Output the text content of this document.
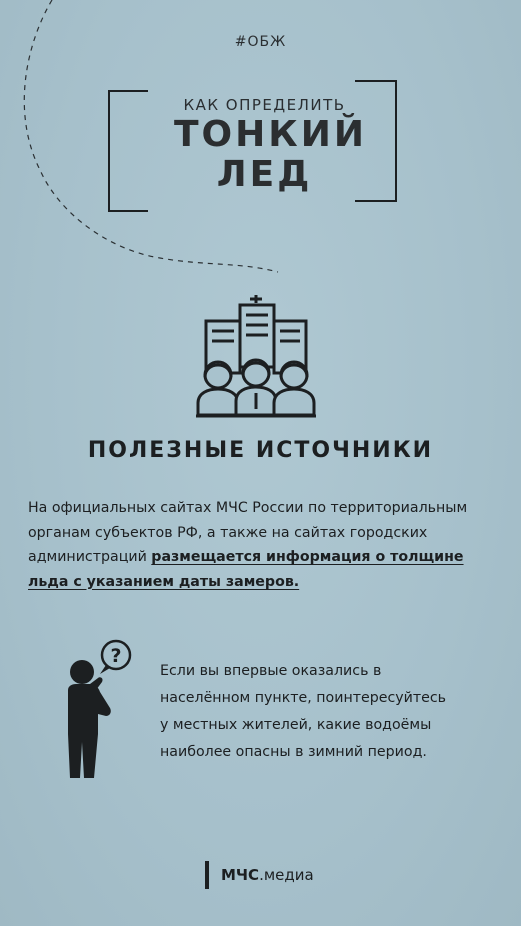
#ОБЖ
КАК ОПРЕДЕЛИТЬ
ТОНКИЙ
ЛЕД
ПОЛЕЗНЫЕ ИСТОЧНИКИ

На официальных сайтах МЧС России по территориальным
органам субъектов РФ, а также на сайтах городских
администраций размещается информация о толщине
льда с указанием даты замеров.

?

Если вы впервые оказались в
населённом пункте, поинтересуйтесь
у местных жителей, какие водоёмы
наиболее опасны в зимний период.

МЧС .медиа
